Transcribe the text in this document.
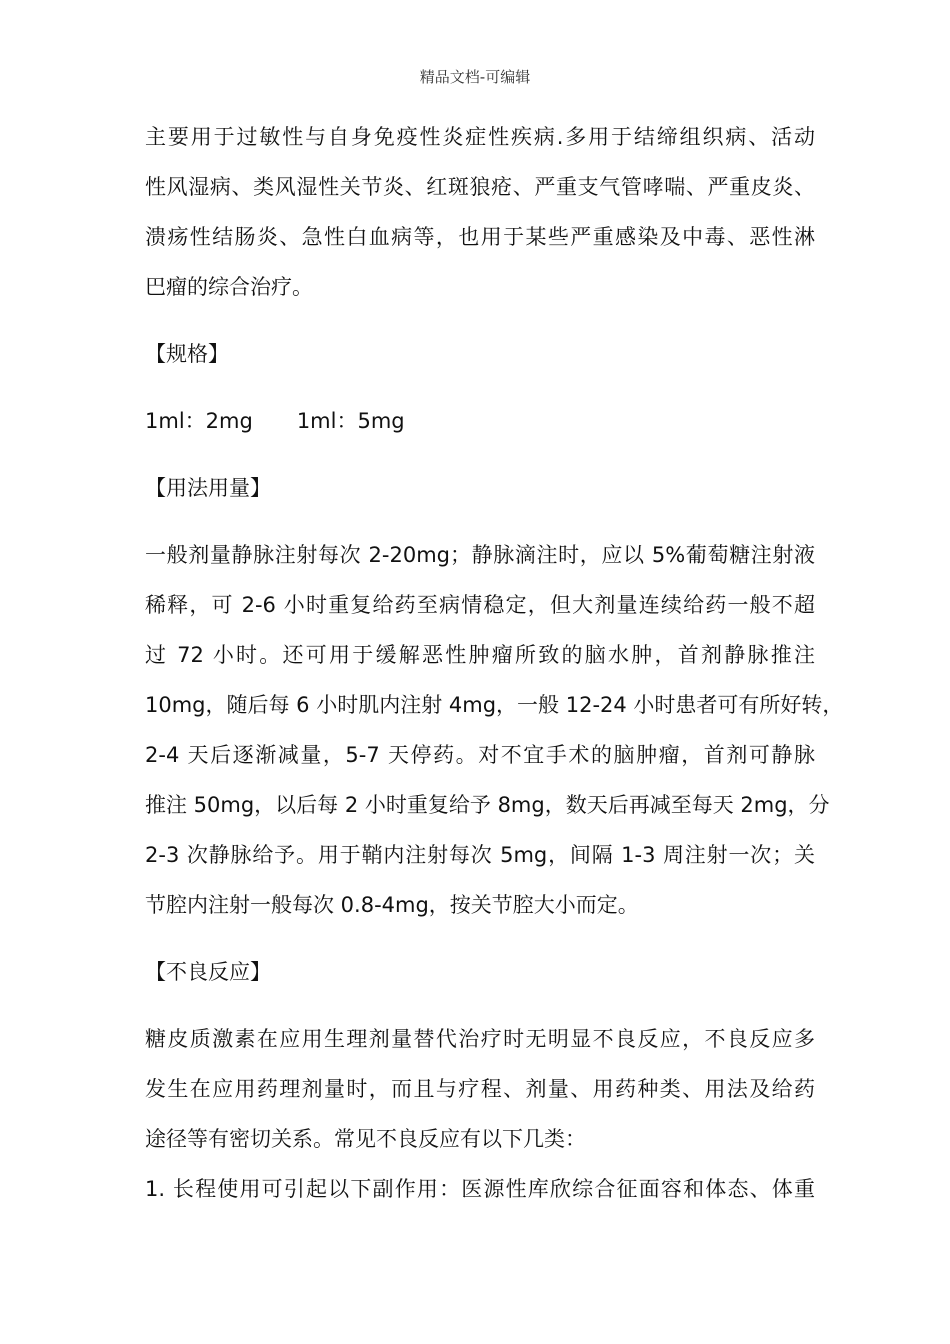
精品文档-可编辑
主要用于过敏性与自身免疫性炎症性疾病.多用于结缔组织病、活动
性风湿病、类风湿性关节炎、红斑狼疮、严重支气管哮喘、严重皮炎、
溃疡性结肠炎、急性白血病等，也用于某些严重感染及中毒、恶性淋
巴瘤的综合治疗。
【规格】
1ml：2mg 1ml：5mg
【用法用量】
一般剂量静脉注射每次 2-20mg；静脉滴注时，应以 5%葡萄糖注射液
稀释，可 2-6 小时重复给药至病情稳定，但大剂量连续给药一般不超
过 72 小时。还可用于缓解恶性肿瘤所致的脑水肿，首剂静脉推注
10mg，随后每 6 小时肌内注射 4mg，一般 12-24 小时患者可有所好转，
2-4 天后逐渐减量，5-7 天停药。对不宜手术的脑肿瘤，首剂可静脉
推注 50mg，以后每 2 小时重复给予 8mg，数天后再减至每天 2mg，分
2-3 次静脉给予。用于鞘内注射每次 5mg，间隔 1-3 周注射一次；关
节腔内注射一般每次 0.8-4mg，按关节腔大小而定。
【不良反应】
糖皮质激素在应用生理剂量替代治疗时无明显不良反应，不良反应多
发生在应用药理剂量时，而且与疗程、剂量、用药种类、用法及给药
途径等有密切关系。常见不良反应有以下几类：
1. 长程使用可引起以下副作用：医源性库欣综合征面容和体态、体重
